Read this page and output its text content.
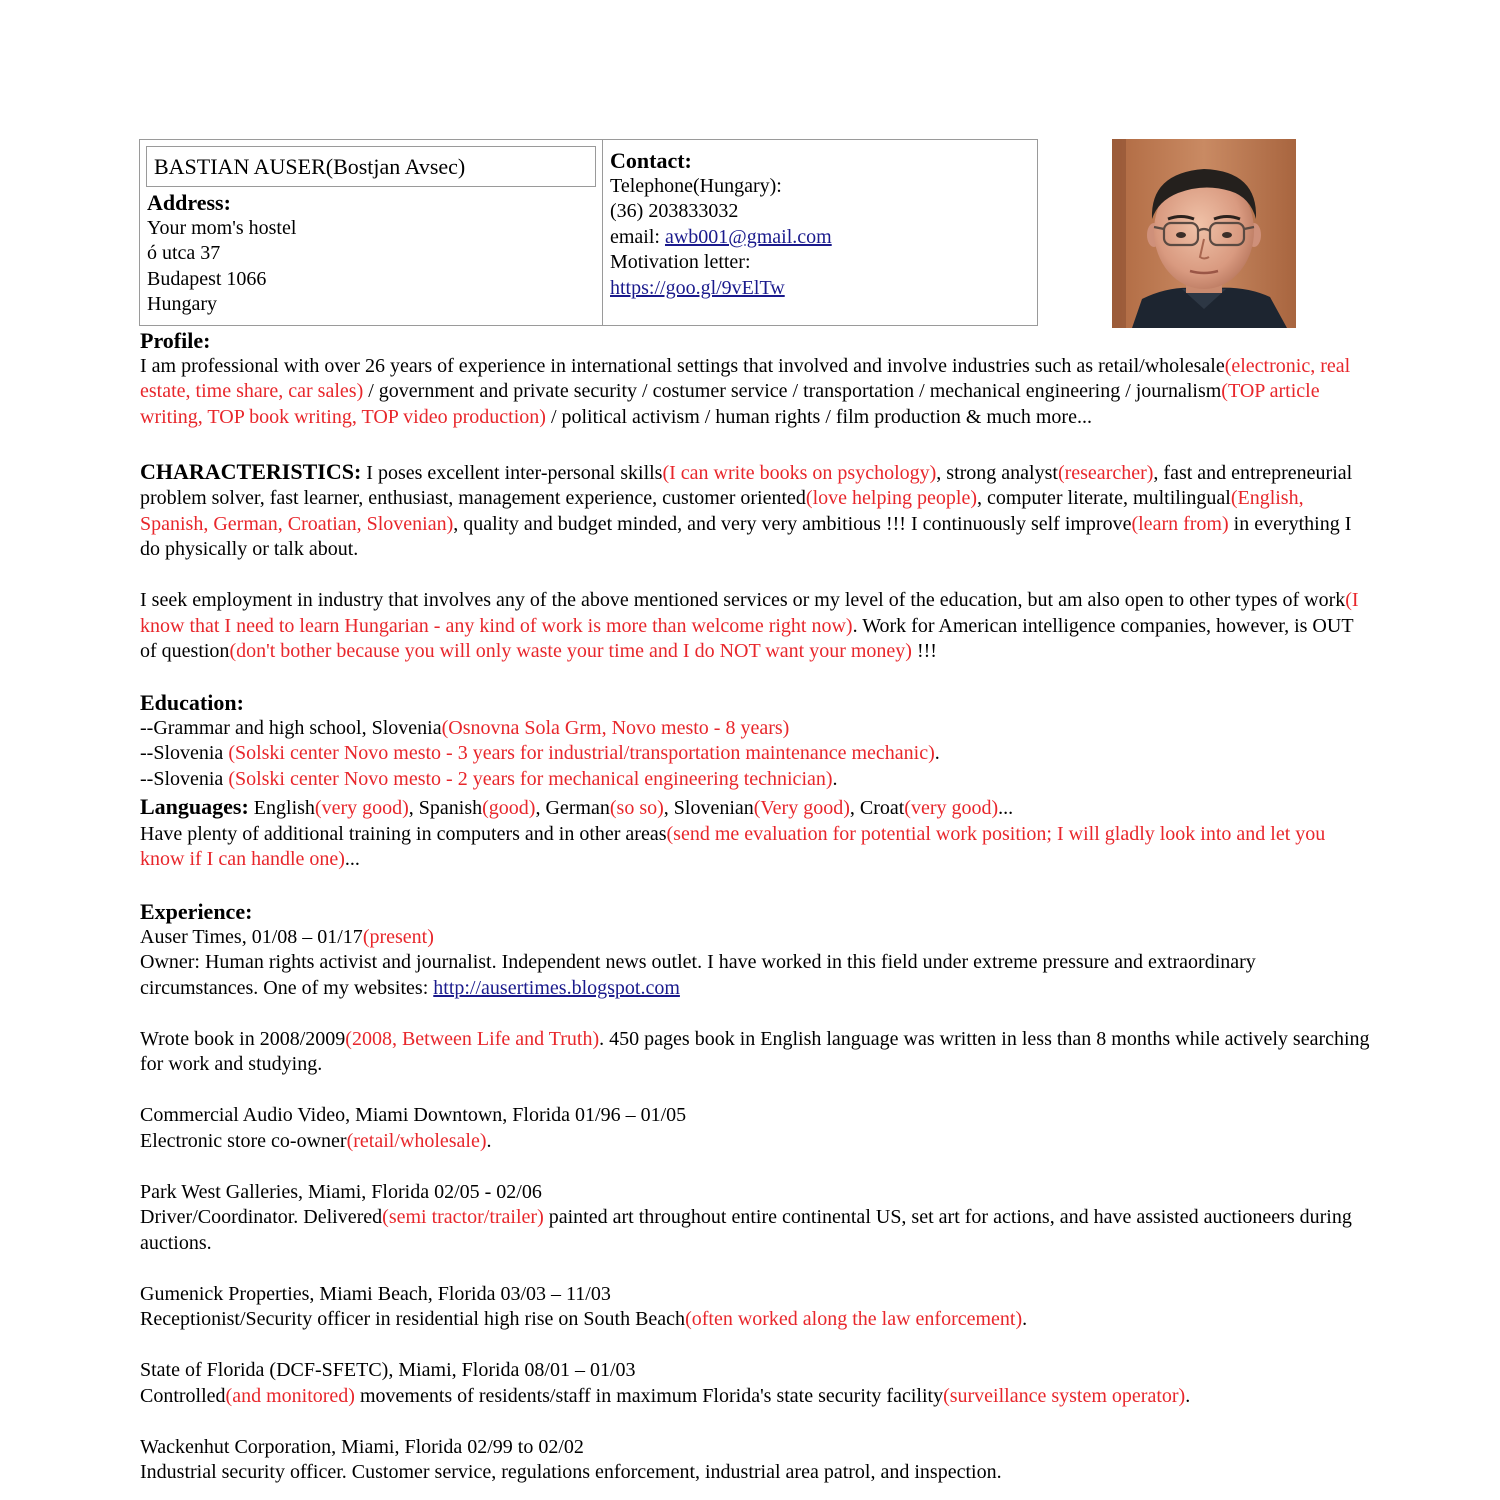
BASTIAN AUSER(Bostjan Avsec)
Address:
Your mom's hostel
ó utca 37
Budapest 1066
Hungary
Contact:
Telephone(Hungary):
(36) 203833032
email: awb001@gmail.com
Motivation letter:
https://goo.gl/9vElTw
Profile:
I am professional with over 26 years of experience in international settings that involved and involve industries such as retail/wholesale(electronic, real estate, time share, car sales) / government and private security / costumer service / transportation / mechanical engineering / journalism(TOP article writing, TOP book writing, TOP video production) / political activism / human rights / film production & much more...
CHARACTERISTICS: I poses excellent inter-personal skills(I can write books on psychology), strong analyst(researcher), fast and entrepreneurial problem solver, fast learner, enthusiast, management experience, customer oriented(love helping people), computer literate, multilingual(English, Spanish, German, Croatian, Slovenian), quality and budget minded, and very very ambitious !!! I continuously self improve(learn from) in everything I do physically or talk about.
I seek employment in industry that involves any of the above mentioned services or my level of the education, but am also open to other types of work(I know that I need to learn Hungarian - any kind of work is more than welcome right now). Work for American intelligence companies, however, is OUT of question(don't bother because you will only waste your time and I do NOT want your money) !!!
Education:
--Grammar and high school, Slovenia(Osnovna Sola Grm, Novo mesto - 8 years)
--Slovenia (Solski center Novo mesto - 3 years for industrial/transportation maintenance mechanic).
--Slovenia (Solski center Novo mesto - 2 years for mechanical engineering technician).
Languages: English(very good), Spanish(good), German(so so), Slovenian(Very good), Croat(very good)...
Have plenty of additional training in computers and in other areas(send me evaluation for potential work position; I will gladly look into and let you know if I can handle one)...
Experience:
Auser Times, 01/08 – 01/17(present)
Owner: Human rights activist and journalist. Independent news outlet. I have worked in this field under extreme pressure and extraordinary circumstances. One of my websites: http://ausertimes.blogspot.com
Wrote book in 2008/2009(2008, Between Life and Truth). 450 pages book in English language was written in less than 8 months while actively searching for work and studying.
Commercial Audio Video, Miami Downtown, Florida 01/96 – 01/05
Electronic store co-owner(retail/wholesale).
Park West Galleries, Miami, Florida 02/05 - 02/06
Driver/Coordinator. Delivered(semi tractor/trailer) painted art throughout entire continental US, set art for actions, and have assisted auctioneers during auctions.
Gumenick Properties, Miami Beach, Florida 03/03 – 11/03
Receptionist/Security officer in residential high rise on South Beach(often worked along the law enforcement).
State of Florida (DCF-SFETC), Miami, Florida 08/01 – 01/03
Controlled(and monitored) movements of residents/staff in maximum Florida's state security facility(surveillance system operator).
Wackenhut Corporation, Miami, Florida 02/99 to 02/02
Industrial security officer. Customer service, regulations enforcement, industrial area patrol, and inspection.
